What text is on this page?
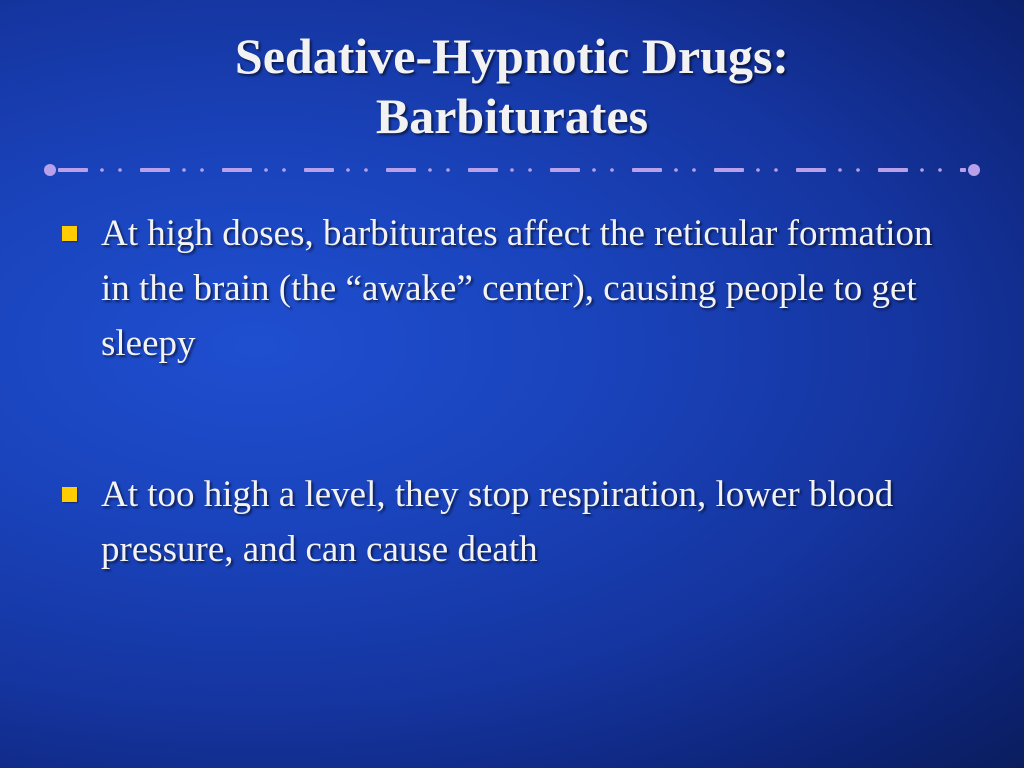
Sedative-Hypnotic Drugs:
Barbiturates
At high doses, barbiturates affect the reticular formation in the brain (the “awake” center), causing people to get sleepy
At too high a level, they stop respiration, lower blood pressure, and can cause death
